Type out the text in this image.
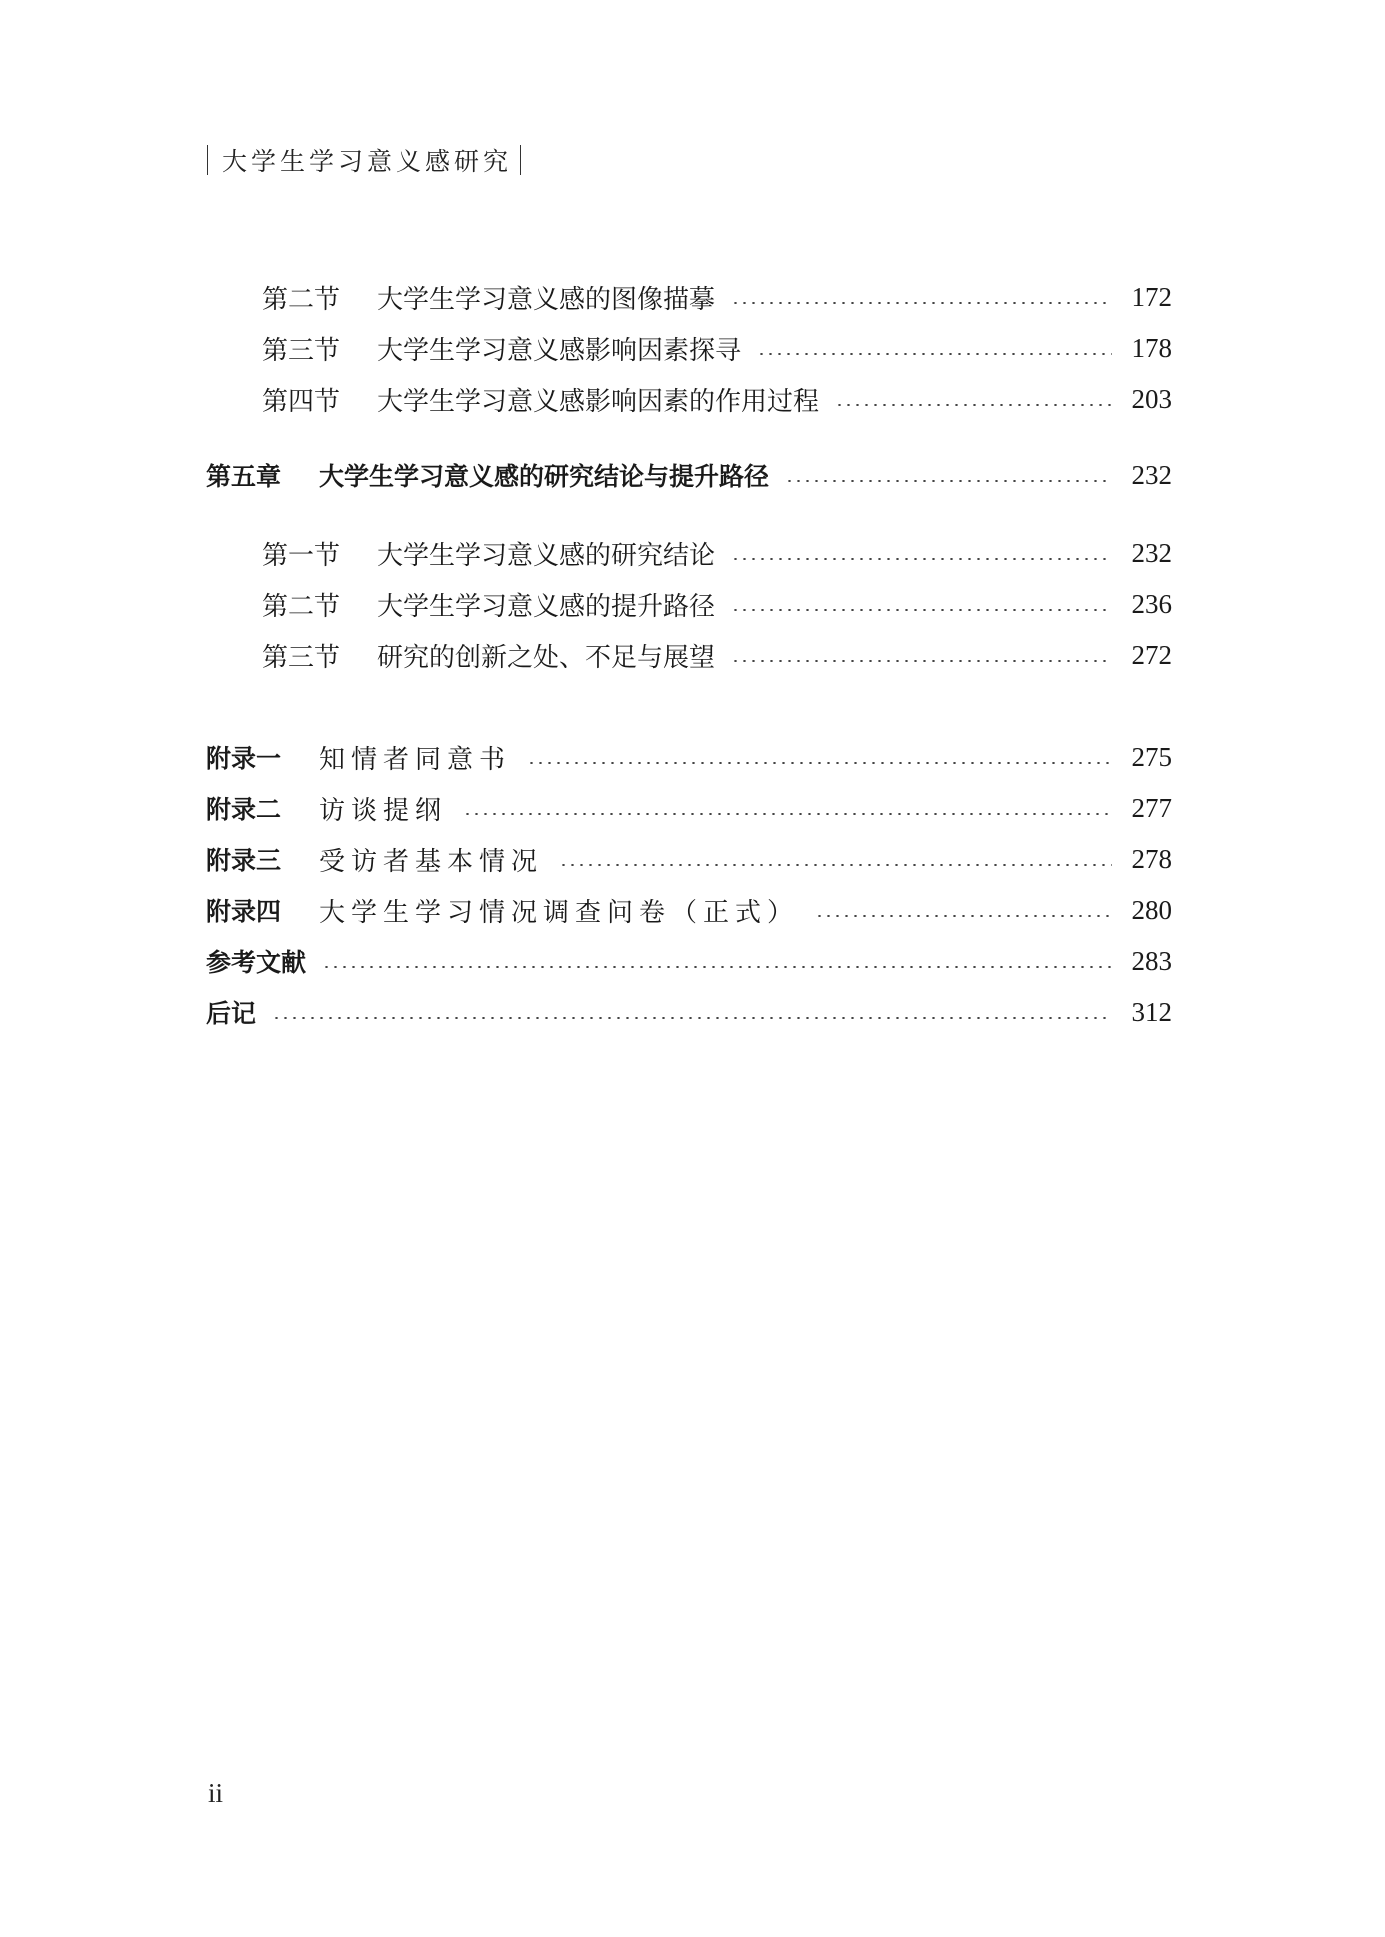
大学生学习意义感研究
第二节	大学生学习意义感的图像描摹	172
第三节	大学生学习意义感影响因素探寻	178
第四节	大学生学习意义感影响因素的作用过程	203
第五章	大学生学习意义感的研究结论与提升路径	232
第一节	大学生学习意义感的研究结论	232
第二节	大学生学习意义感的提升路径	236
第三节	研究的创新之处、不足与展望	272
附录一	知情者同意书	275
附录二	访谈提纲	277
附录三	受访者基本情况	278
附录四	大学生学习情况调查问卷（正式）	280
参考文献	283
后记	312
ii
